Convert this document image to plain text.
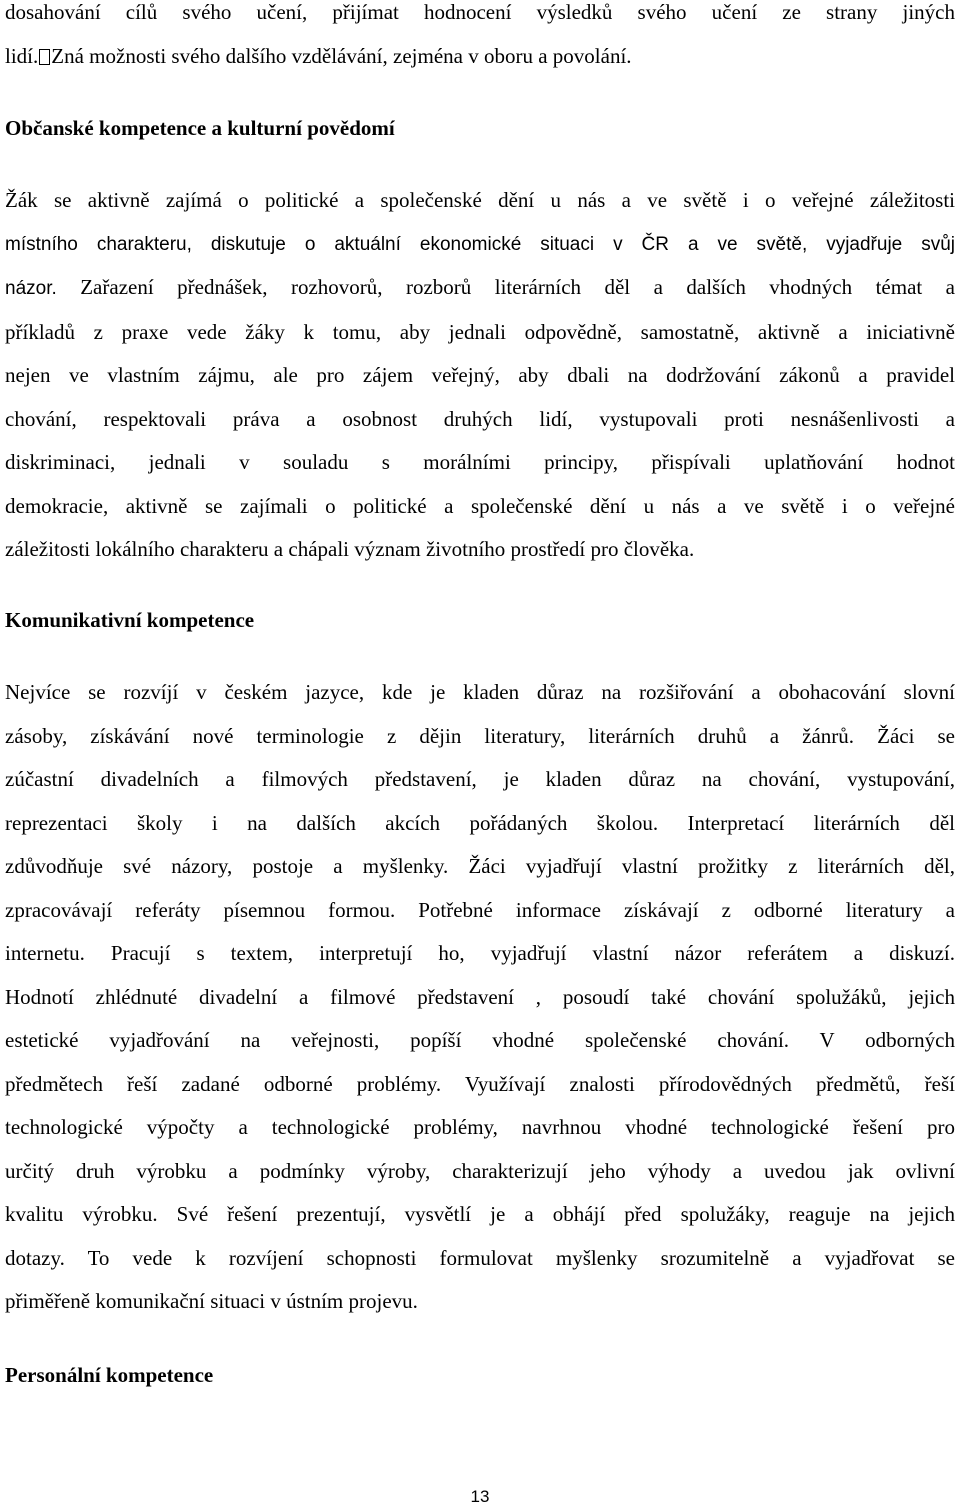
dosahování cílů svého učení, přijímat hodnocení výsledků svého učení ze strany jiných
lidí. Zná možnosti svého dalšího vzdělávání, zejména v oboru a povolání.

Občanské kompetence a kulturní povědomí

Žák se aktivně zajímá o politické a společenské dění u nás a ve světě i o veřejné záležitosti
místního charakteru, diskutuje o aktuální ekonomické situaci v ČR a ve světě, vyjadřuje svůj
názor. Zařazení přednášek, rozhovorů, rozborů literárních děl a dalších vhodných témat a
příkladů z praxe vede žáky k tomu, aby jednali odpovědně, samostatně, aktivně a iniciativně
nejen ve vlastním zájmu, ale pro zájem veřejný, aby dbali na dodržování zákonů a pravidel
chování, respektovali práva a osobnost druhých lidí, vystupovali proti nesnášenlivosti a
diskriminaci, jednali v souladu s morálními principy, přispívali uplatňování hodnot
demokracie, aktivně se zajímali o politické a společenské dění u nás a ve světě i o veřejné
záležitosti lokálního charakteru a chápali význam životního prostředí pro člověka.

Komunikativní kompetence

Nejvíce se rozvíjí v českém jazyce, kde je kladen důraz na rozšiřování a obohacování slovní
zásoby, získávání nové terminologie z dějin literatury, literárních druhů a žánrů. Žáci se
zúčastní divadelních a filmových představení, je kladen důraz na chování, vystupování,
reprezentaci školy i na dalších akcích pořádaných školou. Interpretací literárních děl
zdůvodňuje své názory, postoje a myšlenky. Žáci vyjadřují vlastní prožitky z literárních děl,
zpracovávají referáty písemnou formou. Potřebné informace získávají z odborné literatury a
internetu. Pracují s textem, interpretují ho, vyjadřují vlastní názor referátem a diskuzí.
Hodnotí zhlédnuté divadelní a filmové představení , posoudí také chování spolužáků, jejich
estetické vyjadřování na veřejnosti, popíší vhodné společenské chování. V odborných
předmětech řeší zadané odborné problémy. Využívají znalosti přírodovědných předmětů, řeší
technologické výpočty a technologické problémy, navrhnou vhodné technologické řešení pro
určitý druh výrobku a podmínky výroby, charakterizují jeho výhody a uvedou jak ovlivní
kvalitu výrobku. Své řešení prezentují, vysvětlí je a obhájí před spolužáky, reaguje na jejich
dotazy. To vede k rozvíjení schopnosti formulovat myšlenky srozumitelně a vyjadřovat se
přiměřeně komunikační situaci v ústním projevu.

Personální kompetence
13
